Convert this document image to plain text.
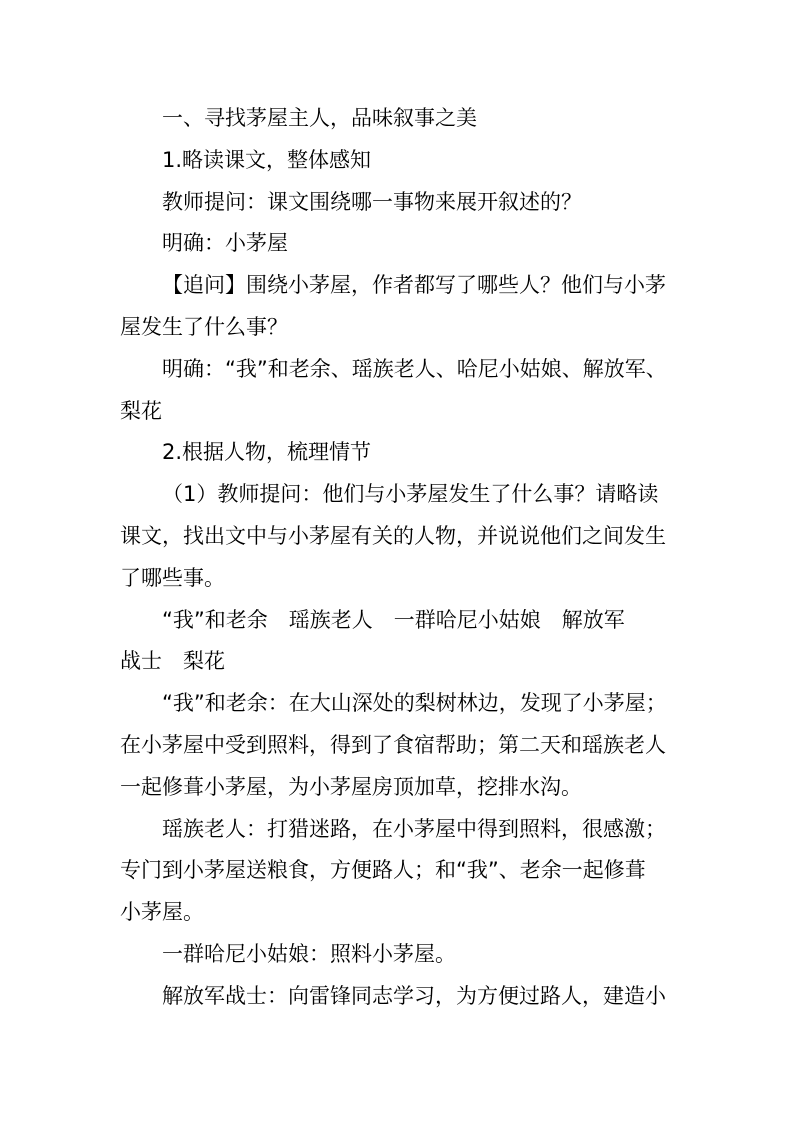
一、寻找茅屋主人，品味叙事之美
1.略读课文，整体感知
教师提问：课文围绕哪一事物来展开叙述的？
明确：小茅屋
【追问】围绕小茅屋，作者都写了哪些人？他们与小茅
屋发生了什么事？
明确：“我”和老余、瑶族老人、哈尼小姑娘、解放军、
梨花
2.根据人物，梳理情节
（1）教师提问：他们与小茅屋发生了什么事？请略读
课文，找出文中与小茅屋有关的人物，并说说他们之间发生
了哪些事。
“我”和老余　瑶族老人　一群哈尼小姑娘　解放军
战士　梨花
“我”和老余：在大山深处的梨树林边，发现了小茅屋；
在小茅屋中受到照料，得到了食宿帮助；第二天和瑶族老人
一起修葺小茅屋，为小茅屋房顶加草，挖排水沟。
瑶族老人：打猎迷路，在小茅屋中得到照料，很感激；
专门到小茅屋送粮食，方便路人；和“我”、老余一起修葺
小茅屋。
一群哈尼小姑娘：照料小茅屋。
解放军战士：向雷锋同志学习，为方便过路人，建造小
